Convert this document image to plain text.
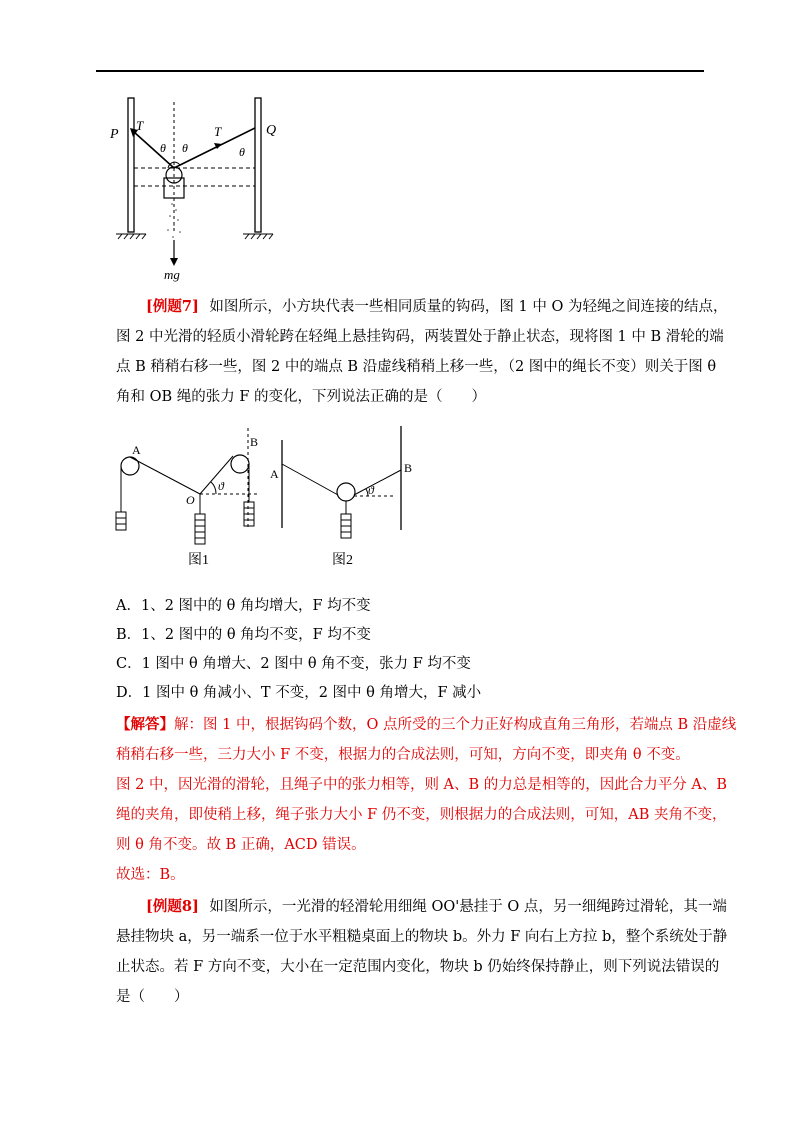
P	Q
T	T
θ θ	θ
mg
[例题7] 如图所示，小方块代表一些相同质量的钩码，图 1 中 O 为轻绳之间连接的结点，
图 2 中光滑的轻质小滑轮跨在轻绳上悬挂钩码，两装置处于静止状态，现将图 1 中 B 滑轮的端
点 B 稍稍右移一些，图 2 中的端点 B 沿虚线稍稍上移一些，（2 图中的绳长不变）则关于图 θ
角和 OB 绳的张力 F 的变化，下列说法正确的是（　　）
A
B
O
ϑ
图1
A	B
ϑ
图2
A．1、2 图中的 θ 角均增大，F 均不变
B．1、2 图中的 θ 角均不变，F 均不变
C．1 图中 θ 角增大、2 图中 θ 角不变，张力 F 均不变
D．1 图中 θ 角减小、T 不变，2 图中 θ 角增大，F 减小
【解答】解：图 1 中，根据钩码个数，O 点所受的三个力正好构成直角三角形，若端点 B 沿虚线
稍稍右移一些，三力大小 F 不变，根据力的合成法则，可知，方向不变，即夹角 θ 不变。
图 2 中，因光滑的滑轮，且绳子中的张力相等，则 A、B 的力总是相等的，因此合力平分 A、B
绳的夹角，即使稍上移，绳子张力大小 F 仍不变，则根据力的合成法则，可知，AB 夹角不变，
则 θ 角不变。故 B 正确，ACD 错误。
故选：B。
[例题8] 如图所示，一光滑的轻滑轮用细绳 OO'悬挂于 O 点，另一细绳跨过滑轮，其一端
悬挂物块 a，另一端系一位于水平粗糙桌面上的物块 b。外力 F 向右上方拉 b，整个系统处于静
止状态。若 F 方向不变，大小在一定范围内变化，物块 b 仍始终保持静止，则下列说法错误的
是（　　）
